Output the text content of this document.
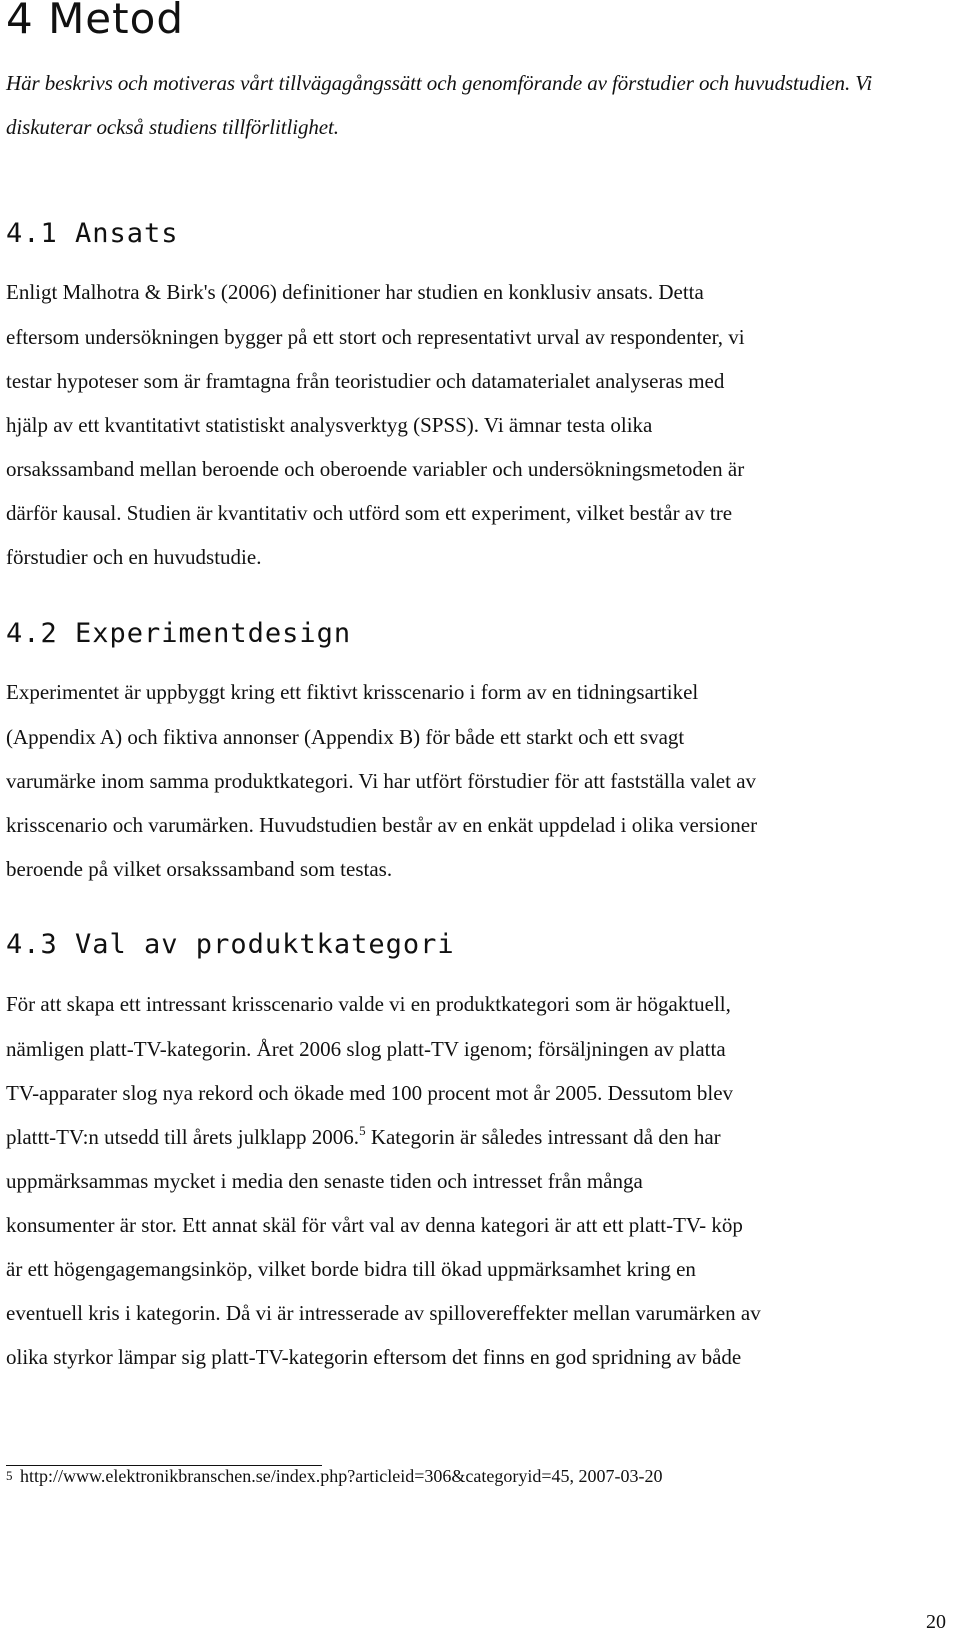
4 Metod

Här beskrivs och motiveras vårt tillvägagångssätt och genomförande av förstudier och huvudstudien. Vi

diskuterar också studiens tillförlitlighet.

4.1 Ansats

Enligt Malhotra & Birk's (2006) definitioner har studien en konklusiv ansats. Detta

eftersom undersökningen bygger på ett stort och representativt urval av respondenter, vi

testar hypoteser som är framtagna från teoristudier och datamaterialet analyseras med

hjälp av ett kvantitativt statistiskt analysverktyg (SPSS). Vi ämnar testa olika

orsakssamband mellan beroende och oberoende variabler och undersökningsmetoden är

därför kausal. Studien är kvantitativ och utförd som ett experiment, vilket består av tre

förstudier och en huvudstudie.

4.2 Experimentdesign

Experimentet är uppbyggt kring ett fiktivt krisscenario i form av en tidningsartikel

(Appendix A) och fiktiva annonser (Appendix B) för både ett starkt och ett svagt

varumärke inom samma produktkategori. Vi har utfört förstudier för att fastställa valet av

krisscenario och varumärken. Huvudstudien består av en enkät uppdelad i olika versioner

beroende på vilket orsakssamband som testas.

4.3 Val av produktkategori

För att skapa ett intressant krisscenario valde vi en produktkategori som är högaktuell,

nämligen platt-TV-kategorin. Året 2006 slog platt-TV igenom; försäljningen av platta

TV-apparater slog nya rekord och ökade med 100 procent mot år 2005. Dessutom blev

plattt-TV:n utsedd till årets julklapp 2006.$^5$ Kategorin är således intressant då den har

uppmärksammas mycket i media den senaste tiden och intresset från många

konsumenter är stor. Ett annat skäl för vårt val av denna kategori är att ett platt-TV- köp

är ett högengagemangsinköp, vilket borde bidra till ökad uppmärksamhet kring en

eventuell kris i kategorin. Då vi är intresserade av spillovereffekter mellan varumärken av

olika styrkor lämpar sig platt-TV-kategorin eftersom det finns en god spridning av både

5 http://www.elektronikbranschen.se/index.php?articleid=306&categoryid=45, 2007-03-20
20
